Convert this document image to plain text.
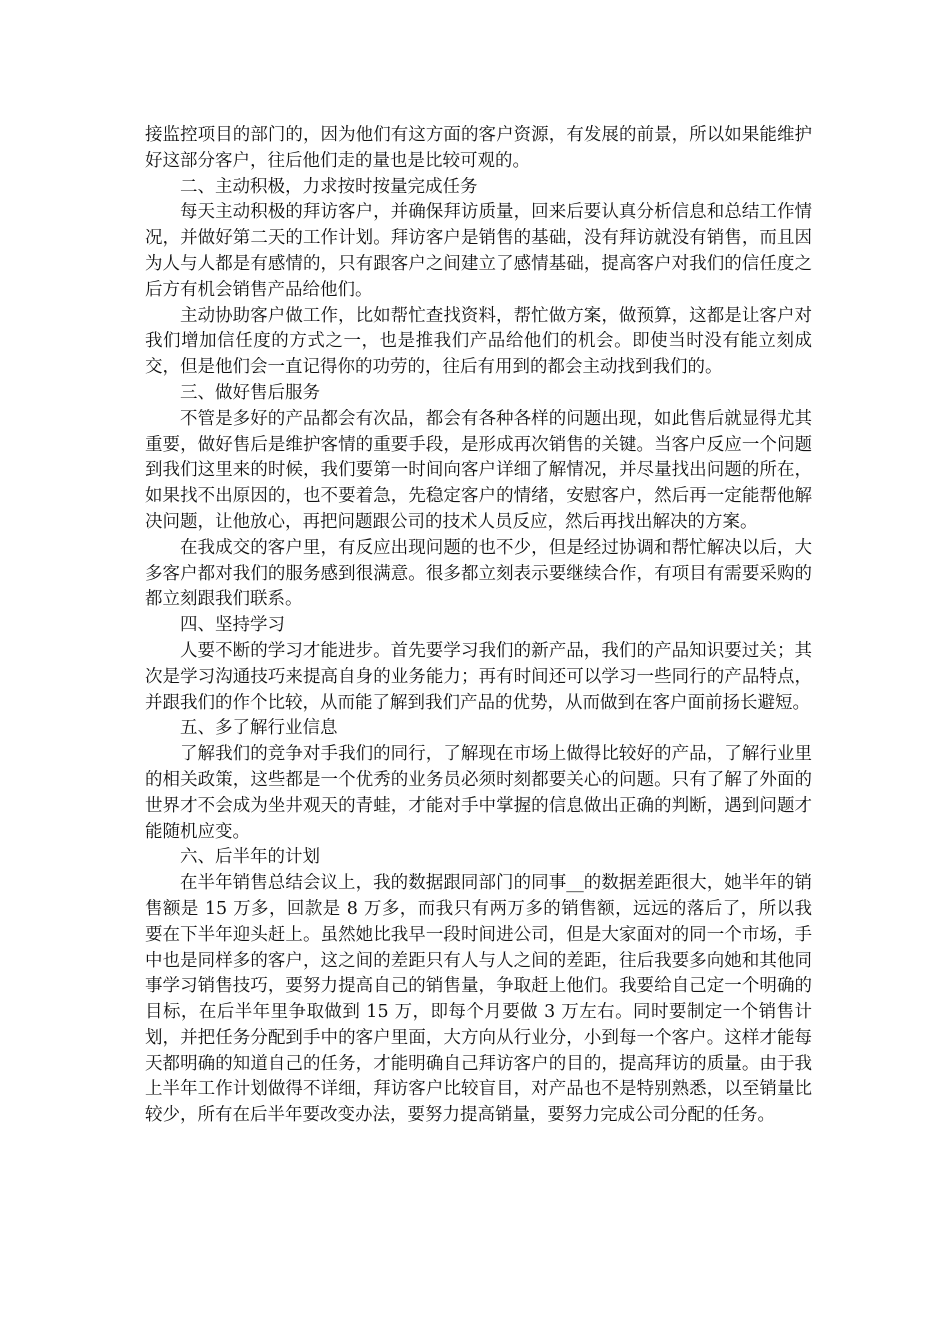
接监控项目的部门的，因为他们有这方面的客户资源，有发展的前景，所以如果能维护好这部分客户，往后他们走的量也是比较可观的。

二、主动积极，力求按时按量完成任务

每天主动积极的拜访客户，并确保拜访质量，回来后要认真分析信息和总结工作情况，并做好第二天的工作计划。拜访客户是销售的基础，没有拜访就没有销售，而且因为人与人都是有感情的，只有跟客户之间建立了感情基础，提高客户对我们的信任度之后方有机会销售产品给他们。

主动协助客户做工作，比如帮忙查找资料，帮忙做方案，做预算，这都是让客户对我们增加信任度的方式之一，也是推我们产品给他们的机会。即使当时没有能立刻成交，但是他们会一直记得你的功劳的，往后有用到的都会主动找到我们的。

三、做好售后服务

不管是多好的产品都会有次品，都会有各种各样的问题出现，如此售后就显得尤其重要，做好售后是维护客情的重要手段，是形成再次销售的关键。当客户反应一个问题到我们这里来的时候，我们要第一时间向客户详细了解情况，并尽量找出问题的所在，如果找不出原因的，也不要着急，先稳定客户的情绪，安慰客户，然后再一定能帮他解决问题，让他放心，再把问题跟公司的技术人员反应，然后再找出解决的方案。

在我成交的客户里，有反应出现问题的也不少，但是经过协调和帮忙解决以后，大多客户都对我们的服务感到很满意。很多都立刻表示要继续合作，有项目有需要采购的都立刻跟我们联系。

四、坚持学习

人要不断的学习才能进步。首先要学习我们的新产品，我们的产品知识要过关；其次是学习沟通技巧来提高自身的业务能力；再有时间还可以学习一些同行的产品特点，并跟我们的作个比较，从而能了解到我们产品的优势，从而做到在客户面前扬长避短。

五、多了解行业信息

了解我们的竞争对手我们的同行，了解现在市场上做得比较好的产品，了解行业里的相关政策，这些都是一个优秀的业务员必须时刻都要关心的问题。只有了解了外面的世界才不会成为坐井观天的青蛙，才能对手中掌握的信息做出正确的判断，遇到问题才能随机应变。

六、后半年的计划

在半年销售总结会议上，我的数据跟同部门的同事__的数据差距很大，她半年的销售额是 15 万多，回款是 8 万多，而我只有两万多的销售额，远远的落后了，所以我要在下半年迎头赶上。虽然她比我早一段时间进公司，但是大家面对的同一个市场，手中也是同样多的客户，这之间的差距只有人与人之间的差距，往后我要多向她和其他同事学习销售技巧，要努力提高自己的销售量，争取赶上他们。我要给自己定一个明确的目标，在后半年里争取做到 15 万，即每个月要做 3 万左右。同时要制定一个销售计划，并把任务分配到手中的客户里面，大方向从行业分，小到每一个客户。这样才能每天都明确的知道自己的任务，才能明确自己拜访客户的目的，提高拜访的质量。由于我上半年工作计划做得不详细，拜访客户比较盲目，对产品也不是特别熟悉，以至销量比较少，所有在后半年要改变办法，要努力提高销量，要努力完成公司分配的任务。
